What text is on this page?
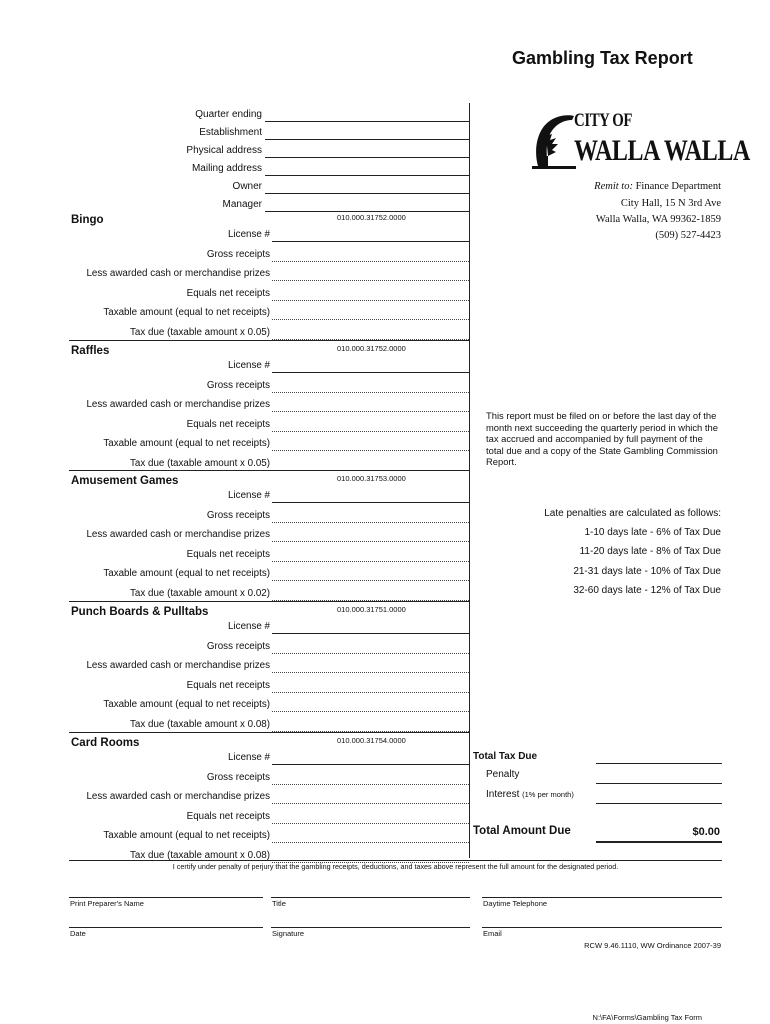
Gambling Tax Report
Quarter ending
Establishment
Physical address
Mailing address
Owner
Manager
CITY OF
WALLA WALLA
Remit to: Finance Department
City Hall, 15 N 3rd Ave
Walla Walla, WA 99362-1859
(509) 527-4423
Bingo	010.000.31752.0000
License #
Gross receipts
Less awarded cash or merchandise prizes
Equals net receipts
Taxable amount (equal to net receipts)
Tax due (taxable amount x 0.05)
Raffles	010.000.31752.0000
License #
Gross receipts
Less awarded cash or merchandise prizes
Equals net receipts
Taxable amount (equal to net receipts)
Tax due (taxable amount x 0.05)
Amusement Games	010.000.31753.0000
License #
Gross receipts
Less awarded cash or merchandise prizes
Equals net receipts
Taxable amount (equal to net receipts)
Tax due (taxable amount x 0.02)
Punch Boards & Pulltabs	010.000.31751.0000
License #
Gross receipts
Less awarded cash or merchandise prizes
Equals net receipts
Taxable amount (equal to net receipts)
Tax due (taxable amount x 0.08)
Card Rooms	010.000.31754.0000
License #
Gross receipts
Less awarded cash or merchandise prizes
Equals net receipts
Taxable amount (equal to net receipts)
Tax due (taxable amount x 0.08)
This report must be filed on or before the last day of the month next succeeding the quarterly period in which the tax accrued and accompanied by full payment of the total due and a copy of the State Gambling Commission Report.
Late penalties are calculated as follows:
1-10 days late - 6% of Tax Due
11-20 days late - 8% of Tax Due
21-31 days late - 10% of Tax Due
32-60 days late - 12% of Tax Due
Total Tax Due
Penalty
Interest (1% per month)
Total Amount Due	$0.00
I certify under penalty of perjury that the gambling receipts, deductions, and taxes above represent the full amount for the designated period.
Print Preparer's Name	Title	Daytime Telephone
Date	Signature	Email
RCW 9.46.1110, WW Ordinance 2007-39
N:\FA\Forms\Gambling Tax Form
